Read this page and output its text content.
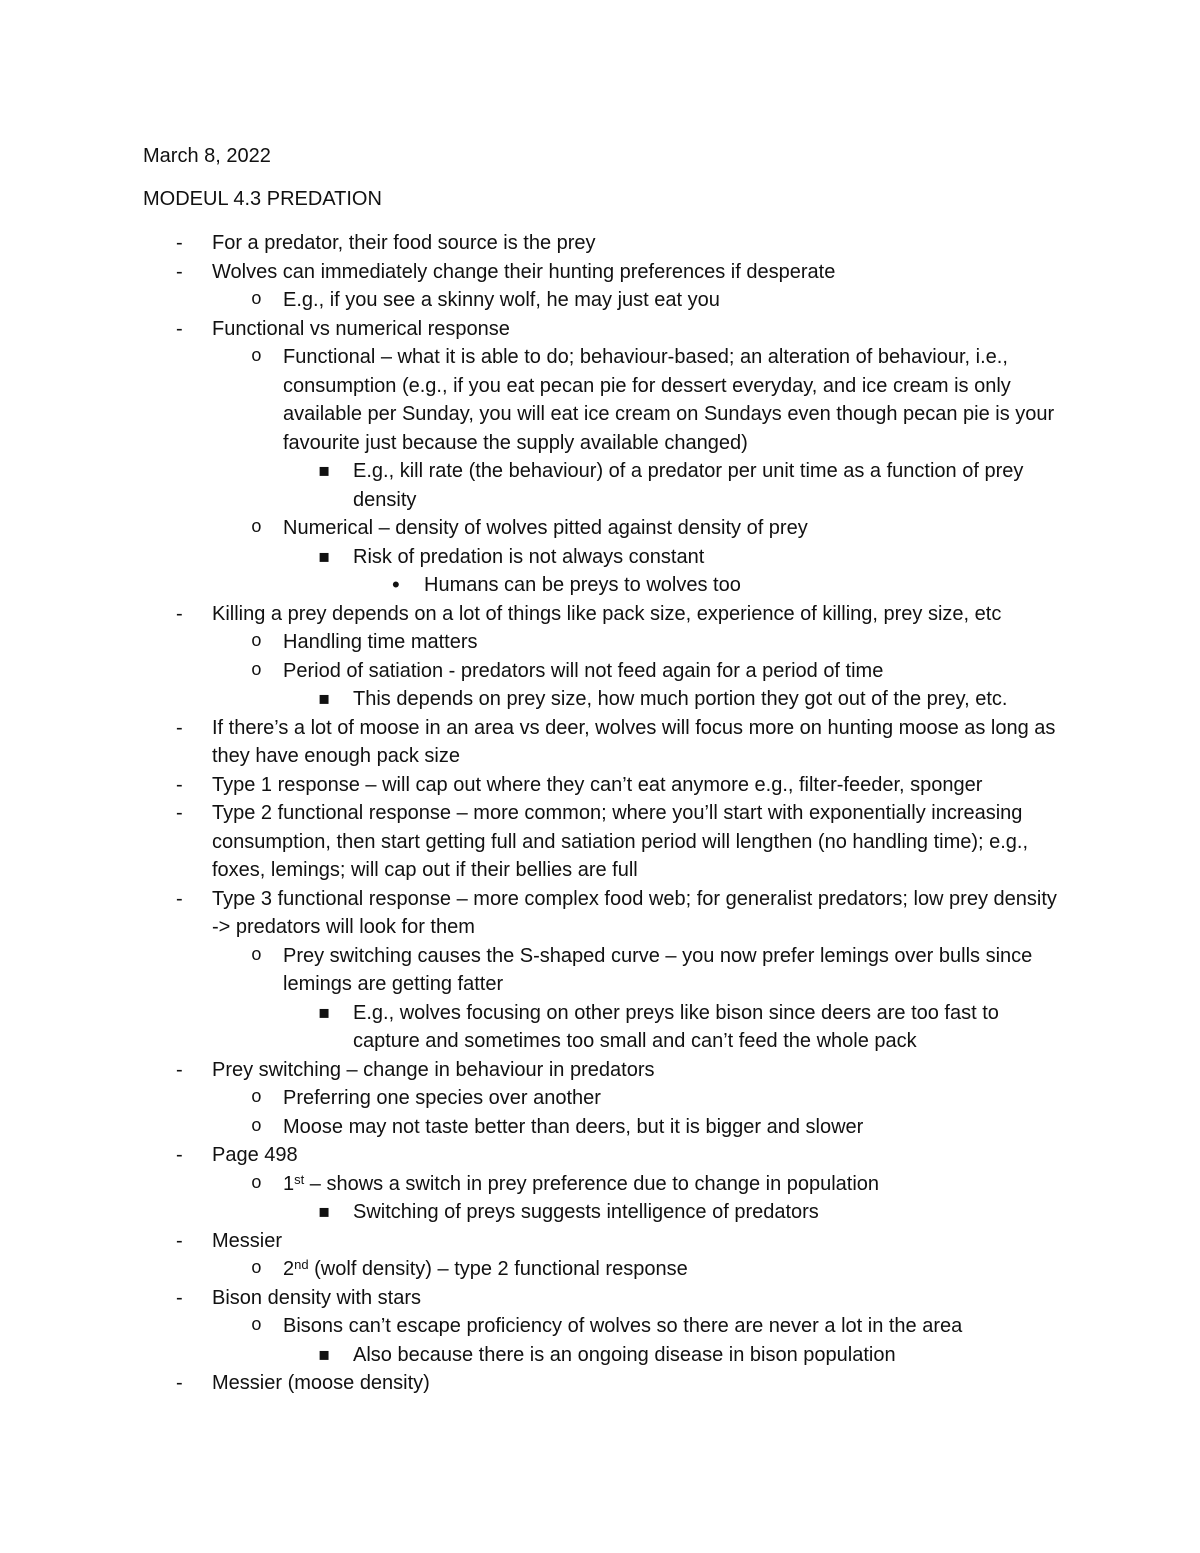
March 8, 2022
MODEUL 4.3 PREDATION
- For a predator, their food source is the prey
- Wolves can immediately change their hunting preferences if desperate
o E.g., if you see a skinny wolf, he may just eat you
- Functional vs numerical response
o Functional – what it is able to do; behaviour-based; an alteration of behaviour, i.e.,
consumption (e.g., if you eat pecan pie for dessert everyday, and ice cream is only
available per Sunday, you will eat ice cream on Sundays even though pecan pie is your
favourite just because the supply available changed)
▪ E.g., kill rate (the behaviour) of a predator per unit time as a function of prey
density
o Numerical – density of wolves pitted against density of prey
▪ Risk of predation is not always constant
• Humans can be preys to wolves too
- Killing a prey depends on a lot of things like pack size, experience of killing, prey size, etc
o Handling time matters
o Period of satiation - predators will not feed again for a period of time
▪ This depends on prey size, how much portion they got out of the prey, etc.
- If there’s a lot of moose in an area vs deer, wolves will focus more on hunting moose as long as
they have enough pack size
- Type 1 response – will cap out where they can’t eat anymore e.g., filter-feeder, sponger
- Type 2 functional response – more common; where you’ll start with exponentially increasing
consumption, then start getting full and satiation period will lengthen (no handling time); e.g.,
foxes, lemings; will cap out if their bellies are full
- Type 3 functional response – more complex food web; for generalist predators; low prey density
-> predators will look for them
o Prey switching causes the S-shaped curve – you now prefer lemings over bulls since
lemings are getting fatter
▪ E.g., wolves focusing on other preys like bison since deers are too fast to
capture and sometimes too small and can’t feed the whole pack
- Prey switching – change in behaviour in predators
o Preferring one species over another
o Moose may not taste better than deers, but it is bigger and slower
- Page 498
o 1st – shows a switch in prey preference due to change in population
▪ Switching of preys suggests intelligence of predators
- Messier
o 2nd (wolf density) – type 2 functional response
- Bison density with stars
o Bisons can’t escape proficiency of wolves so there are never a lot in the area
▪ Also because there is an ongoing disease in bison population
- Messier (moose density)
